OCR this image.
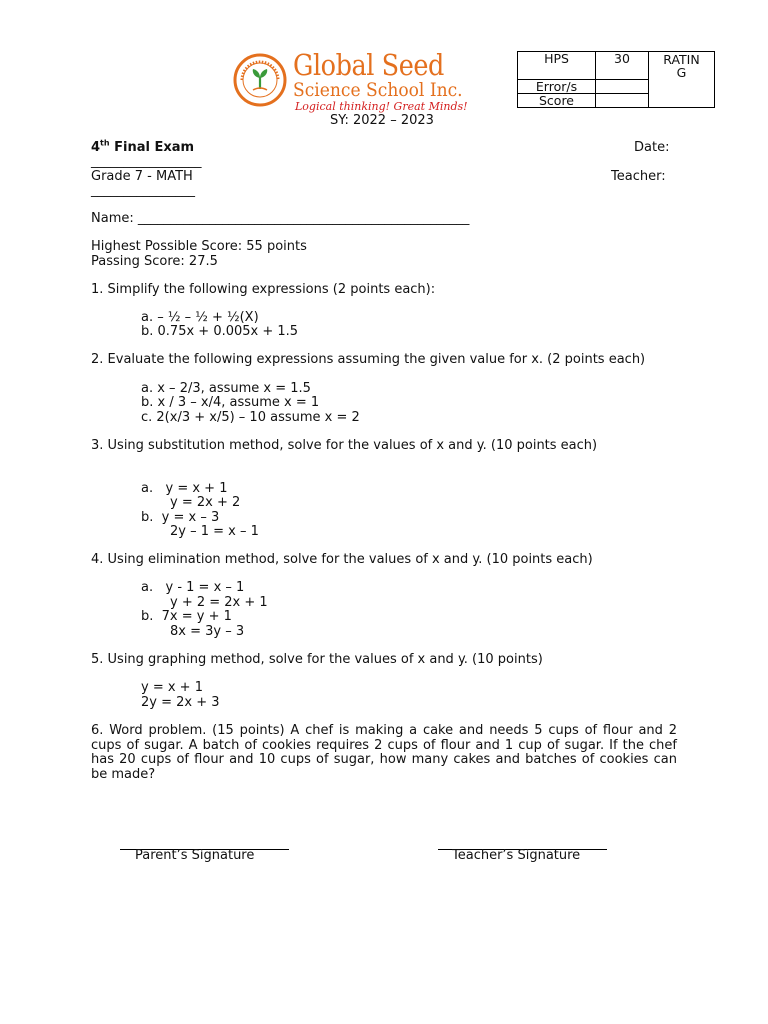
Global Seed
Science School Inc.
Logical thinking! Great Minds!
SY: 2022 – 2023
HPS	30	RATIN G

Error/s		
Score		
4th Final Exam	Date:
_________________
Grade 7 - MATH	Teacher:
________________
Name: ___________________________________________________
Highest Possible Score: 55 points
Passing Score: 27.5
1. Simplify the following expressions (2 points each):
a. – ½ – ½ + ½(X)
b. 0.75x + 0.005x + 1.5
2. Evaluate the following expressions assuming the given value for x. (2 points each)
a. x – 2/3, assume x = 1.5
b. x / 3 – x/4, assume x = 1
c. 2(x/3 + x/5) – 10 assume x = 2
3. Using substitution method, solve for the values of x and y. (10 points each)
a.   y = x + 1
y = 2x + 2
b.  y = x – 3
2y – 1 = x – 1
4. Using elimination method, solve for the values of x and y. (10 points each)
a.   y - 1 = x – 1
y + 2 = 2x + 1
b.  7x = y + 1
8x = 3y – 3
5. Using graphing method, solve for the values of x and y. (10 points)
y = x + 1
2y = 2x + 3
6. Word problem. (15 points) A chef is making a cake and needs 5 cups of flour and 2 cups of sugar. A batch of cookies requires 2 cups of flour and 1 cup of sugar. If the chef has 20 cups of flour and 10 cups of sugar, how many cakes and batches of cookies can be made?
Parent’s Signature	Teacher’s Signature
